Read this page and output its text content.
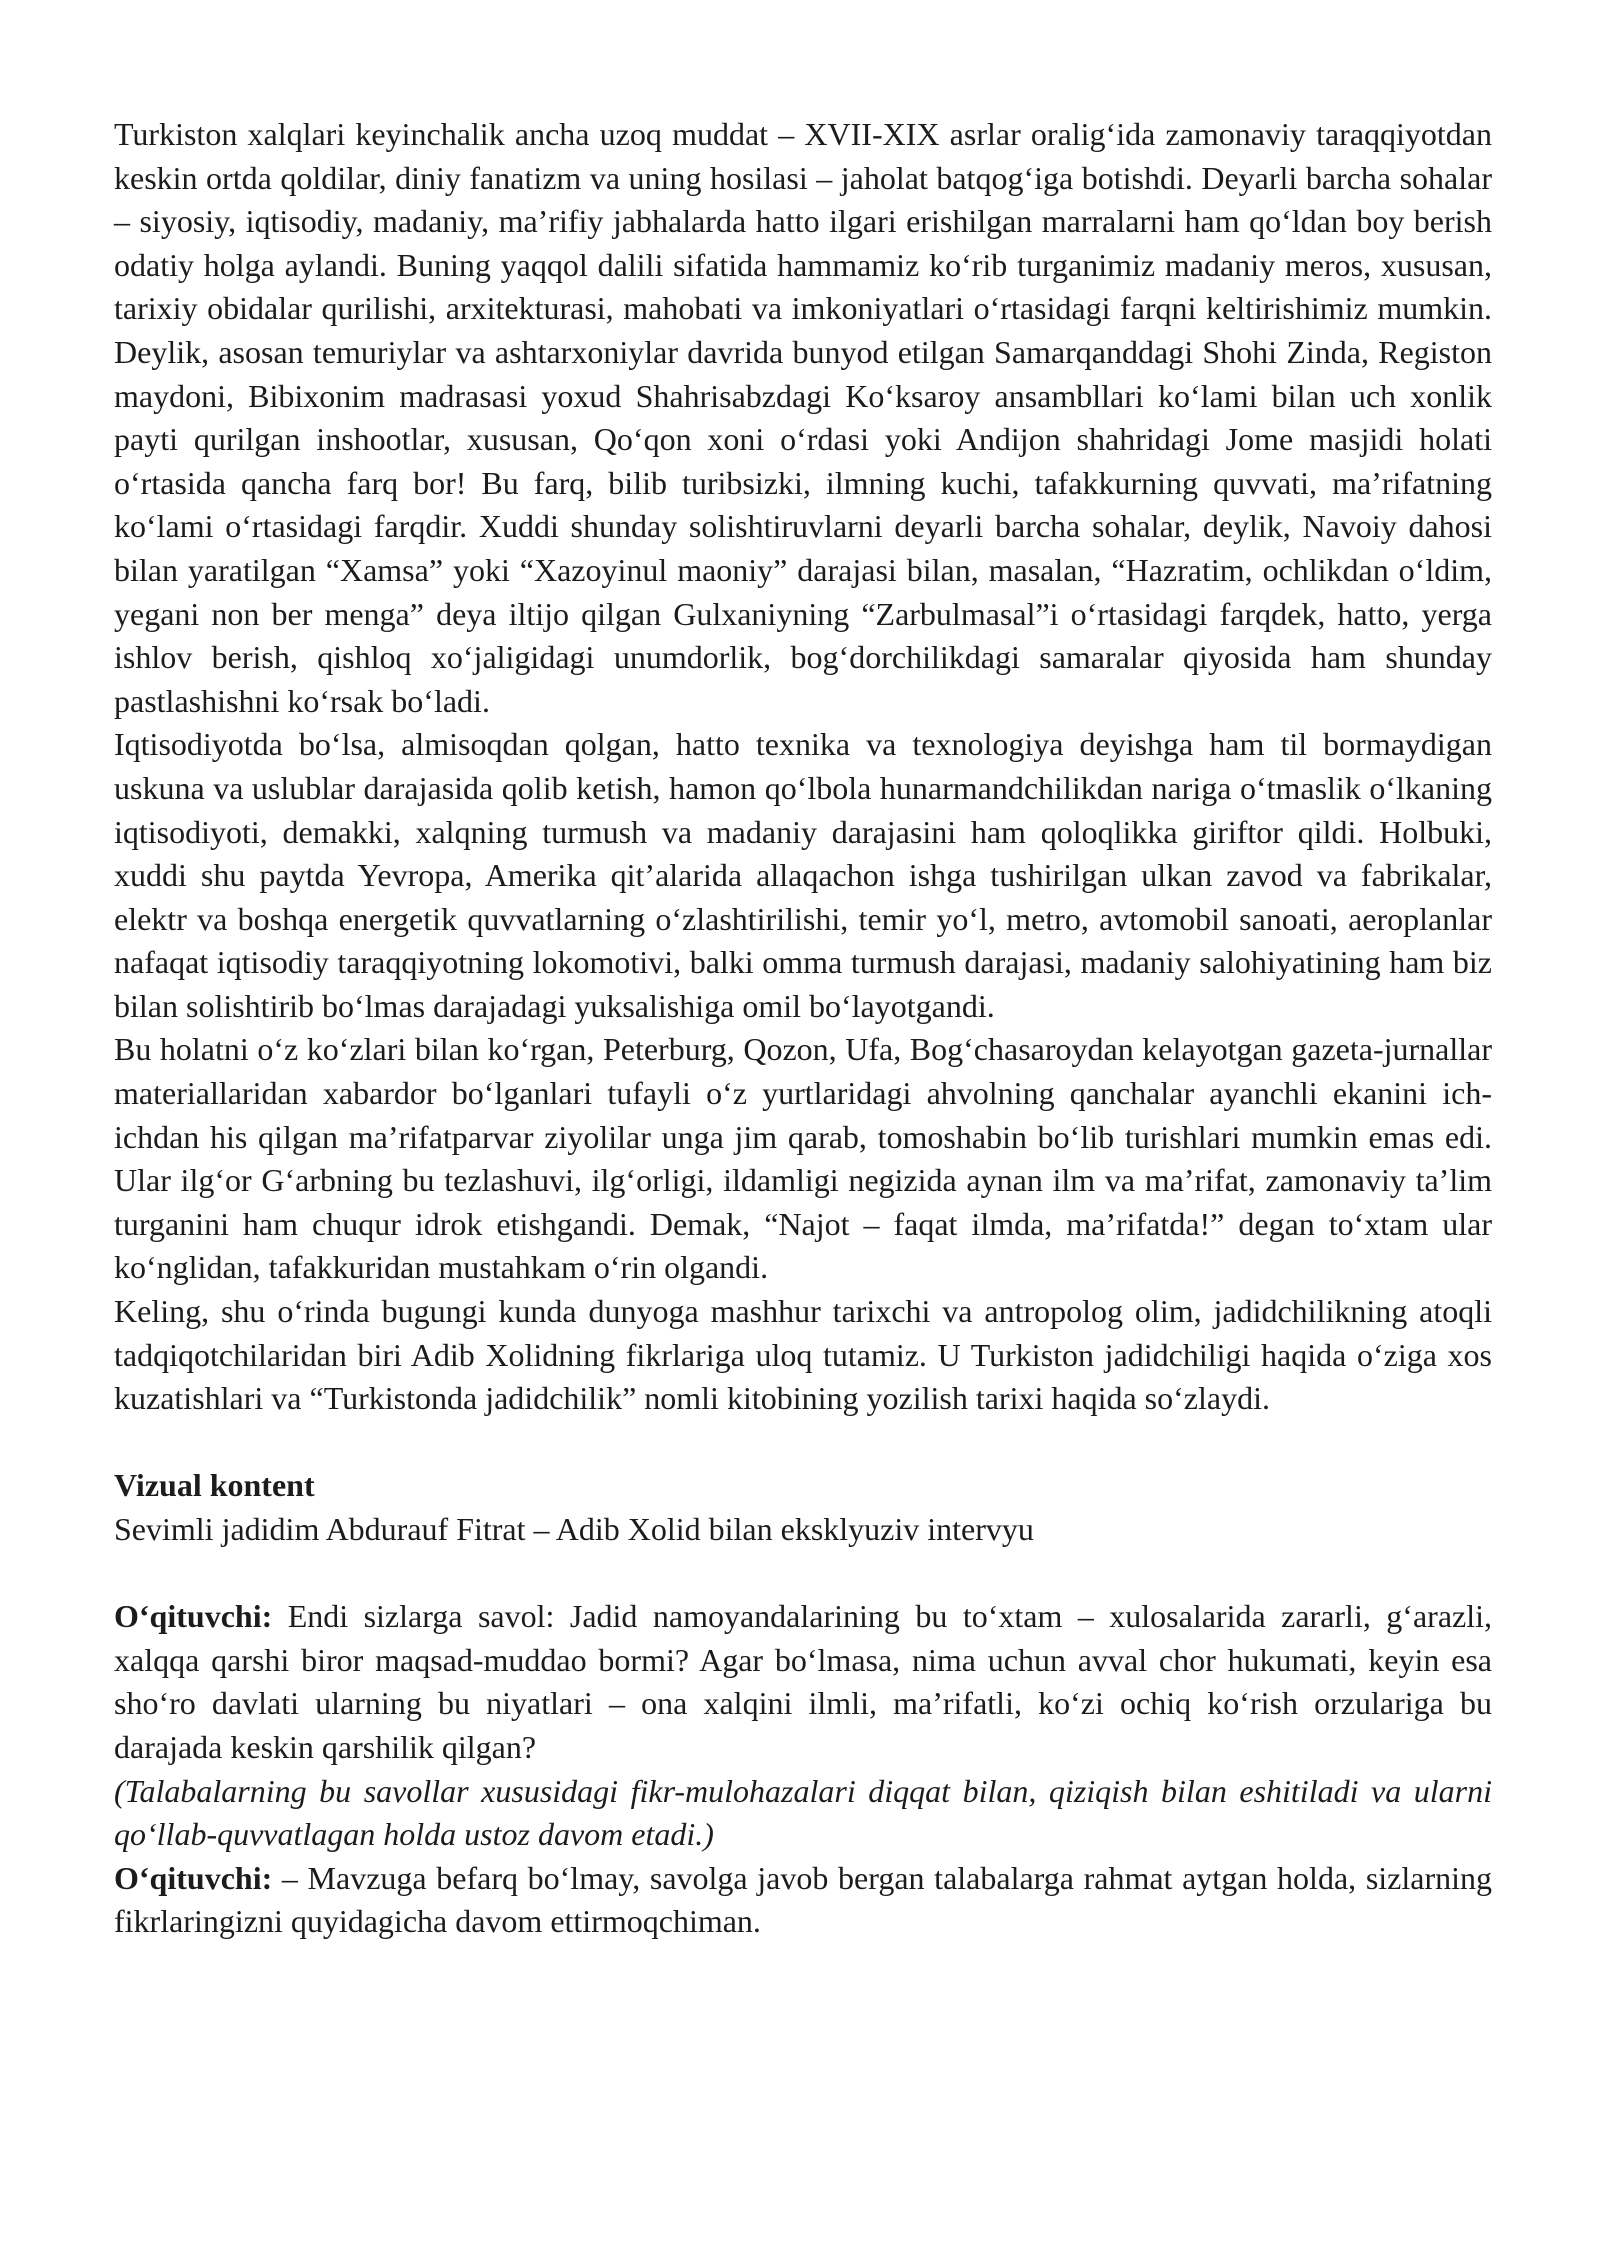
Turkiston xalqlari keyinchalik ancha uzoq muddat – XVII-XIX asrlar oralig‘ida zamonaviy taraqqiyotdan keskin ortda qoldilar, diniy fanatizm va uning hosilasi – jaholat batqog‘iga botishdi. Deyarli barcha sohalar – siyosiy, iqtisodiy, madaniy, ma’rifiy jabhalarda hatto ilgari erishilgan marralarni ham qo‘ldan boy berish odatiy holga aylandi. Buning yaqqol dalili sifatida hammamiz ko‘rib turganimiz madaniy meros, xususan, tarixiy obidalar qurilishi, arxitekturasi, mahobati va imkoniyatlari o‘rtasidagi farqni keltirishimiz mumkin. Deylik, asosan temuriylar va ashtarxoniylar davrida bunyod etilgan Samarqanddagi Shohi Zinda, Registon maydoni, Bibixonim madrasasi yoxud Shahrisabzdagi Ko‘ksaroy ansambllari ko‘lami bilan uch xonlik payti qurilgan inshootlar, xususan, Qo‘qon xoni o‘rdasi yoki Andijon shahridagi Jome masjidi holati o‘rtasida qancha farq bor! Bu farq, bilib turibsizki, ilmning kuchi, tafakkurning quvvati, ma’rifatning ko‘lami o‘rtasidagi farqdir. Xuddi shunday solishtiruvlarni deyarli barcha sohalar, deylik, Navoiy dahosi bilan yaratilgan “Xamsa” yoki “Xazoyinul maoniy” darajasi bilan, masalan, “Hazratim, ochlikdan o‘ldim, yegani non ber menga” deya iltijo qilgan Gulxaniyning “Zarbulmasal”i o‘rtasidagi farqdek, hatto, yerga ishlov berish, qishloq xo‘jaligidagi unumdorlik, bog‘dorchilikdagi samaralar qiyosida ham shunday pastlashishni ko‘rsak bo‘ladi.

Iqtisodiyotda bo‘lsa, almisoqdan qolgan, hatto texnika va texnologiya deyishga ham til bormaydigan uskuna va uslublar darajasida qolib ketish, hamon qo‘lbola hunarmandchilikdan nariga o‘tmaslik o‘lkaning iqtisodiyoti, demakki, xalqning turmush va madaniy darajasini ham qoloqlikka giriftor qildi. Holbuki, xuddi shu paytda Yevropa, Amerika qit’alarida allaqachon ishga tushirilgan ulkan zavod va fabrikalar, elektr va boshqa energetik quvvatlarning o‘zlashtirilishi, temir yo‘l, metro, avtomobil sanoati, aeroplanlar nafaqat iqtisodiy taraqqiyotning lokomotivi, balki omma turmush darajasi, madaniy salohiyatining ham biz bilan solishtirib bo‘lmas darajadagi yuksalishiga omil bo‘layotgandi.

Bu holatni o‘z ko‘zlari bilan ko‘rgan, Peterburg, Qozon, Ufa, Bog‘chasaroydan kelayotgan gazeta-jurnallar materiallaridan xabardor bo‘lganlari tufayli o‘z yurtlaridagi ahvolning qanchalar ayanchli ekanini ich-ichdan his qilgan ma’rifatparvar ziyolilar unga jim qarab, tomoshabin bo‘lib turishlari mumkin emas edi. Ular ilg‘or G‘arbning bu tezlashuvi, ilg‘orligi, ildamligi negizida aynan ilm va ma’rifat, zamonaviy ta’lim turganini ham chuqur idrok etishgandi. Demak, “Najot – faqat ilmda, ma’rifatda!” degan to‘xtam ular ko‘nglidan, tafakkuridan mustahkam o‘rin olgandi.

Keling, shu o‘rinda bugungi kunda dunyoga mashhur tarixchi va antropolog olim, jadidchilikning atoqli tadqiqotchilaridan biri Adib Xolidning fikrlariga uloq tutamiz. U Turkiston jadidchiligi haqida o‘ziga xos kuzatishlari va “Turkistonda jadidchilik” nomli kitobining yozilish tarixi haqida so‘zlaydi.

Vizual kontent

Sevimli jadidim Abdurauf Fitrat – Adib Xolid bilan eksklyuziv intervyu

O‘qituvchi: Endi sizlarga savol: Jadid namoyandalarining bu to‘xtam – xulosalarida zararli, g‘arazli, xalqqa qarshi biror maqsad-muddao bormi? Agar bo‘lmasa, nima uchun avval chor hukumati, keyin esa sho‘ro davlati ularning bu niyatlari – ona xalqini ilmli, ma’rifatli, ko‘zi ochiq ko‘rish orzulariga bu darajada keskin qarshilik qilgan?

(Talabalarning bu savollar xususidagi fikr-mulohazalari diqqat bilan, qiziqish bilan eshitiladi va ularni qo‘llab-quvvatlagan holda ustoz davom etadi.)

O‘qituvchi: – Mavzuga befarq bo‘lmay, savolga javob bergan talabalarga rahmat aytgan holda, sizlarning fikrlaringizni quyidagicha davom ettirmoqchiman.
